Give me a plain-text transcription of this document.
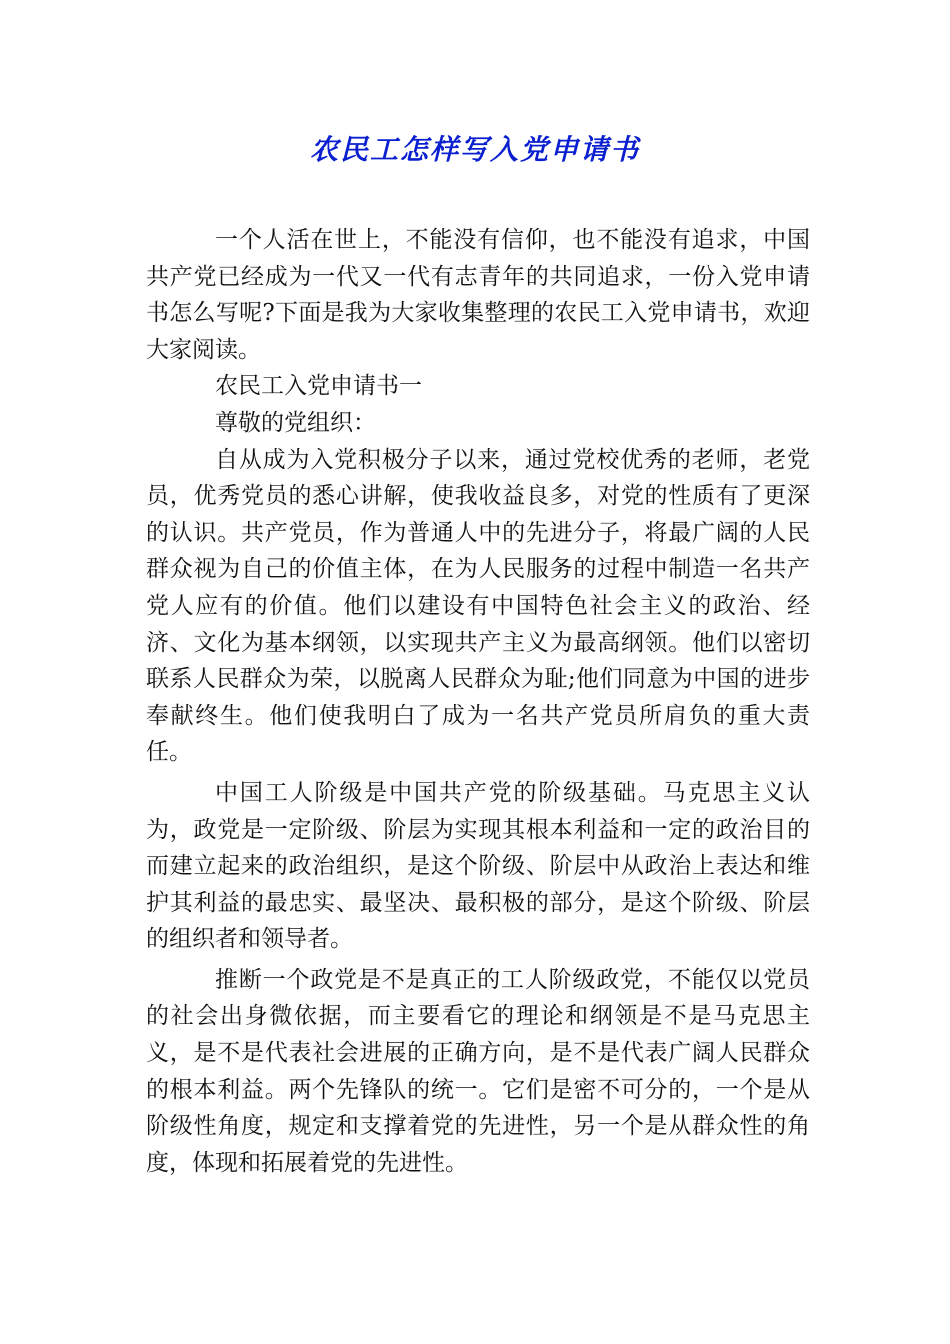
农民工怎样写入党申请书

一个人活在世上，不能没有信仰，也不能没有追求，中国共产党已经成为一代又一代有志青年的共同追求，一份入党申请书怎么写呢?下面是我为大家收集整理的农民工入党申请书，欢迎大家阅读。

农民工入党申请书一

尊敬的党组织：

自从成为入党积极分子以来，通过党校优秀的老师，老党员，优秀党员的悉心讲解，使我收益良多，对党的性质有了更深的认识。共产党员，作为普通人中的先进分子，将最广阔的人民群众视为自己的价值主体，在为人民服务的过程中制造一名共产党人应有的价值。他们以建设有中国特色社会主义的政治、经济、文化为基本纲领，以实现共产主义为最高纲领。他们以密切联系人民群众为荣，以脱离人民群众为耻;他们同意为中国的进步奉献终生。他们使我明白了成为一名共产党员所肩负的重大责任。

中国工人阶级是中国共产党的阶级基础。马克思主义认为，政党是一定阶级、阶层为实现其根本利益和一定的政治目的而建立起来的政治组织，是这个阶级、阶层中从政治上表达和维护其利益的最忠实、最坚决、最积极的部分，是这个阶级、阶层的组织者和领导者。

推断一个政党是不是真正的工人阶级政党，不能仅以党员的社会出身微依据，而主要看它的理论和纲领是不是马克思主义，是不是代表社会进展的正确方向，是不是代表广阔人民群众的根本利益。两个先锋队的统一。它们是密不可分的，一个是从阶级性角度，规定和支撑着党的先进性，另一个是从群众性的角度，体现和拓展着党的先进性。
